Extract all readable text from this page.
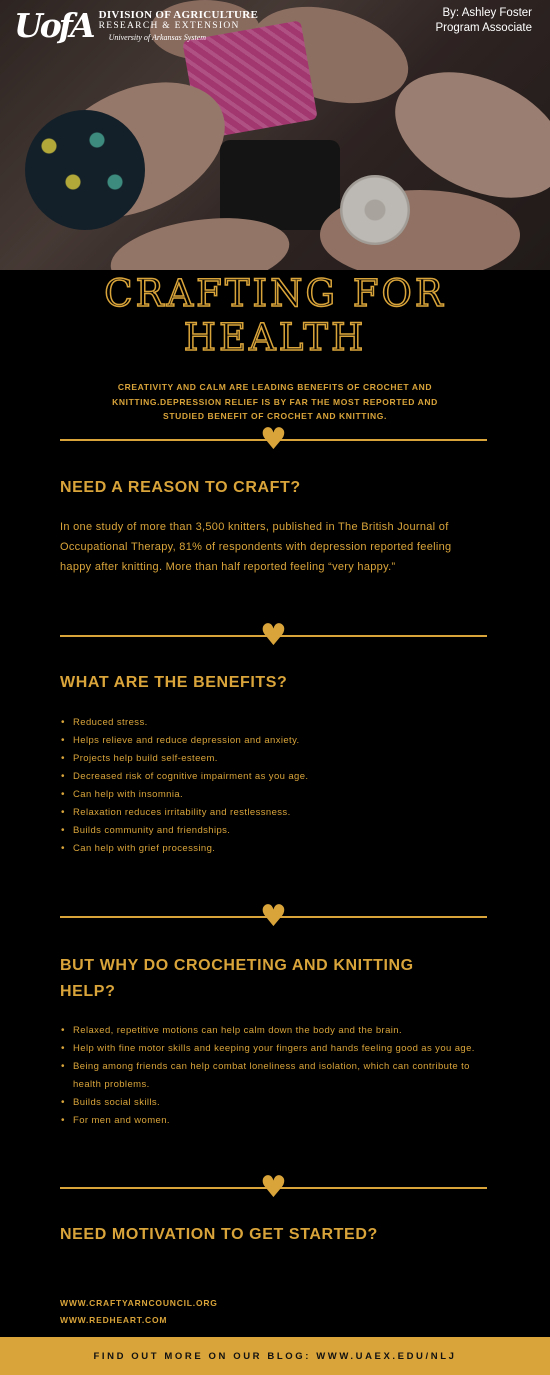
UofA DIVISION OF AGRICULTURE
RESEARCH & EXTENSION
University of Arkansas System
By: Ashley Foster
Program Associate
CRAFTING FOR
HEALTH
CREATIVITY AND CALM ARE LEADING BENEFITS OF CROCHET AND KNITTING.DEPRESSION RELIEF IS BY FAR THE MOST REPORTED AND STUDIED BENEFIT OF CROCHET AND KNITTING.
♥
NEED A REASON TO CRAFT?
In one study of more than 3,500 knitters, published in The British Journal of Occupational Therapy, 81% of respondents with depression reported feeling happy after knitting. More than half reported feeling “very happy.”
♥
WHAT ARE THE BENEFITS?
• Reduced stress.
• Helps relieve and reduce depression and anxiety.
• Projects help build self-esteem.
• Decreased risk of cognitive impairment as you age.
• Can help with insomnia.
• Relaxation reduces irritability and restlessness.
• Builds community and friendships.
• Can help with grief processing.
♥
BUT WHY DO CROCHETING AND KNITTING HELP?
• Relaxed, repetitive motions can help calm down the body and the brain.
• Help with fine motor skills and keeping your fingers and hands feeling good as you age.
• Being among friends can help combat loneliness and isolation, which can contribute to health problems.
• Builds social skills.
• For men and women.
♥
NEED MOTIVATION TO GET STARTED?
WWW.CRAFTYARNCOUNCIL.ORG
WWW.REDHEART.COM
FIND OUT MORE ON OUR BLOG: WWW.UAEX.EDU/NLJ
